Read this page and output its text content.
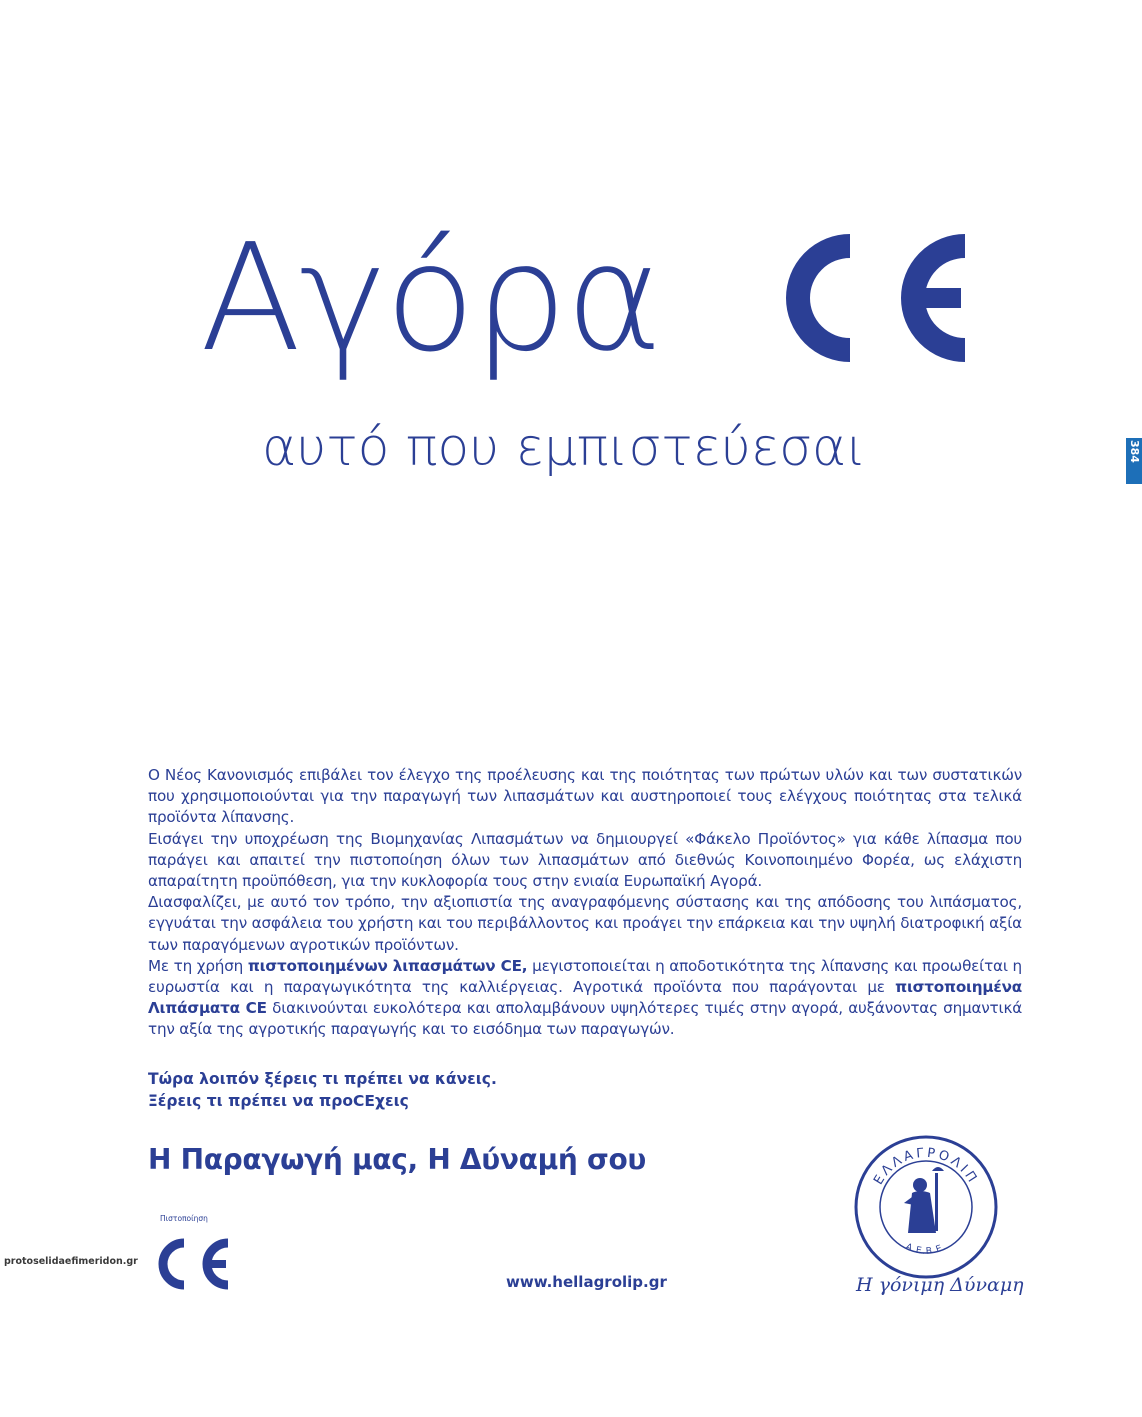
Αγόρα
αυτό που εμπιστεύεσαι	384

Ο Νέος Κανονισμός επιβάλει τον έλεγχο της προέλευσης και της ποιότητας των πρώτων υλών και των συστατικών που χρησιμοποιούνται για την παραγωγή των λιπασμάτων και αυστηροποιεί τους ελέγχους ποιότητας στα τελικά προϊόντα λίπανσης.

Εισάγει την υποχρέωση της Βιομηχανίας Λιπασμάτων να δημιουργεί «Φάκελο Προϊόντος» για κάθε λίπασμα που παράγει και απαιτεί την πιστοποίηση όλων των λιπασμάτων από διεθνώς Κοινοποιημένο Φορέα, ως ελάχιστη απαραίτητη προϋπόθεση, για την κυκλοφορία τους στην ενιαία Ευρωπαϊκή Αγορά.

Διασφαλίζει, με αυτό τον τρόπο, την αξιοπιστία της αναγραφόμενης σύστασης και της απόδοσης του λιπάσματος, εγγυάται την ασφάλεια του χρήστη και του περιβάλλοντος και προάγει την επάρκεια και την υψηλή διατροφική αξία των παραγόμενων αγροτικών προϊόντων.

Με τη χρήση πιστοποιημένων λιπασμάτων CE, μεγιστοποιείται η αποδοτικότητα της λίπανσης και προωθείται η ευρωστία και η παραγωγικότητα της καλλιέργειας. Αγροτικά προϊόντα που παράγονται με πιστοποιημένα Λιπάσματα CE διακινούνται ευκολότερα και απολαμβάνουν υψηλότερες τιμές στην αγορά, αυξάνοντας σημαντικά την αξία της αγροτικής παραγωγής και το εισόδημα των παραγωγών.

Τώρα λοιπόν ξέρεις τι πρέπει να κάνεις.

Ξέρεις τι πρέπει να προCEχεις

Η Παραγωγή μας, Η Δύναμή σου
Πιστοποίηση
protoselidaefimeridon.gr
www.hellagrolip.gr
ΕΛΛΑΓΡΟΛΙΠ
Α.Ε.Β.Ε.
Η γόνιμη Δύναμη
